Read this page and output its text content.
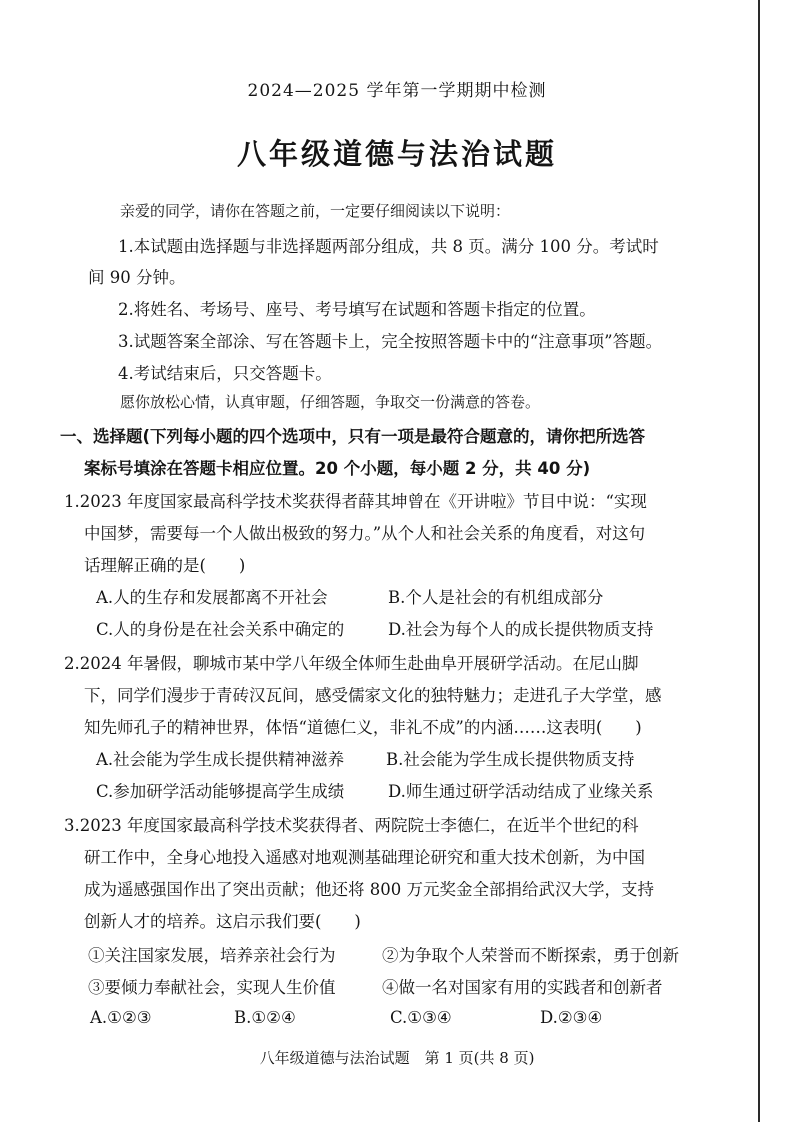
2024—2025 学年第一学期期中检测
八年级道德与法治试题
亲爱的同学，请你在答题之前，一定要仔细阅读以下说明：
1.本试题由选择题与非选择题两部分组成，共 8 页。满分 100 分。考试时
间 90 分钟。
2.将姓名、考场号、座号、考号填写在试题和答题卡指定的位置。
3.试题答案全部涂、写在答题卡上，完全按照答题卡中的“注意事项”答题。
4.考试结束后，只交答题卡。
愿你放松心情，认真审题，仔细答题，争取交一份满意的答卷。
一、选择题(下列每小题的四个选项中，只有一项是最符合题意的，请你把所选答
案标号填涂在答题卡相应位置。20 个小题，每小题 2 分，共 40 分)
1.2023 年度国家最高科学技术奖获得者薛其坤曾在《开讲啦》节目中说：“实现
中国梦，需要每一个人做出极致的努力。”从个人和社会关系的角度看，对这句
话理解正确的是(　　)
A.人的生存和发展都离不开社会	B.个人是社会的有机组成部分
C.人的身份是在社会关系中确定的	D.社会为每个人的成长提供物质支持
2.2024 年暑假，聊城市某中学八年级全体师生赴曲阜开展研学活动。在尼山脚
下，同学们漫步于青砖汉瓦间，感受儒家文化的独特魅力；走进孔子大学堂，感
知先师孔子的精神世界，体悟“道德仁义，非礼不成”的内涵……这表明(　　)
A.社会能为学生成长提供精神滋养	B.社会能为学生成长提供物质支持
C.参加研学活动能够提高学生成绩	D.师生通过研学活动结成了业缘关系
3.2023 年度国家最高科学技术奖获得者、两院院士李德仁，在近半个世纪的科
研工作中，全身心地投入遥感对地观测基础理论研究和重大技术创新，为中国
成为遥感强国作出了突出贡献；他还将 800 万元奖金全部捐给武汉大学，支持
创新人才的培养。这启示我们要(　　)
①关注国家发展，培养亲社会行为	②为争取个人荣誉而不断探索，勇于创新
③要倾力奉献社会，实现人生价值	④做一名对国家有用的实践者和创新者
A.①②③	B.①②④	C.①③④	D.②③④
八年级道德与法治试题　第 1 页(共 8 页)
